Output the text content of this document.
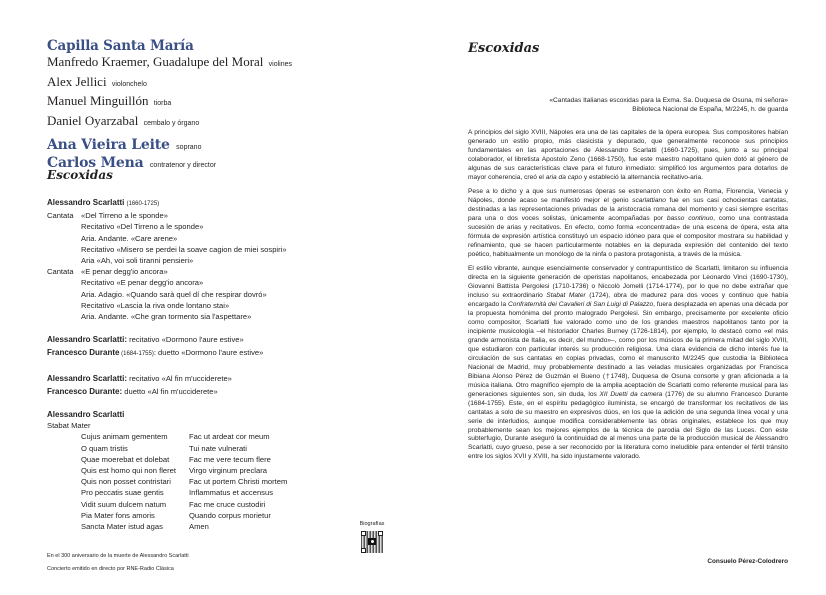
Capilla Santa María
Manfredo Kraemer, Guadalupe del Moral violines
Alex Jellici violonchelo
Manuel Minguillón tiorba
Daniel Oyarzabal cembalo y órgano
Ana Vieira Leite soprano
Carlos Mena contratenor y director
Escoxidas
Alessandro Scarlatti (1660-1725)
Cantata «Del Tirreno a le sponde»
Recitativo «Del Tirreno a le sponde»
Aria. Andante. «Care arene»
Recitativo «Misero se perdei la soave cagion de miei sospiri»
Aria «Ah, voi soli tiranni pensieri»
Cantata «E penar degg'io ancora»
Recitativo «E penar degg'io ancora»
Aria. Adagio. «Quando sarà quel dí che respirar dovró»
Recitativo «Lascia la riva onde lontano stai»
Aria. Andante. «Che gran tormento sia l'aspettare»
Alessandro Scarlatti: recitativo «Dormono l'aure estive»
Francesco Durante (1684-1755): duetto «Dormono l'aure estive»
Alessandro Scarlatti: recitativo «Al fin m'ucciderete»
Francesco Durante: duetto «Al fin m'ucciderete»
Alessandro Scarlatti
Stabat Mater
Cujus animam gementem
O quam tristis
Quae moerebat et dolebat
Quis est homo qui non fleret
Quis non posset contristari
Pro peccatis suae gentis
Vidit suum dulcem natum
Pia Mater fons amoris
Sancta Mater istud agas
Fac ut ardeat cor meum
Tui nate vulnerati
Fac me vere tecum flere
Virgo virginum preclara
Fac ut portem Christi mortem
Inflammatus et accensus
Fac me cruce custodiri
Quando corpus morietur
Amen
En el 300 aniversario de la muerte de Alessandro Scarlatti
Concierto emitido en directo por RNE-Radio Clásica
Biografías
Escoxidas
«Cantadas Italianas escoxidas para la Exma. Sa. Duquesa de Osuna, mi señora»
Biblioteca Nacional de España, M/2245, h. de guarda

A principios del siglo XVIII, Nápoles era una de las capitales de la ópera europea. Sus compositores habían generado un estilo propio, más clasicista y depurado, que generalmente reconoce sus principios fundamentales en las aportaciones de Alessandro Scarlatti (1660-1725), pues, junto a su principal colaborador, el libretista Apostolo Zeno (1668-1750), fue este maestro napolitano quien dotó al género de algunas de sus características clave para el futuro inmediato: simplificó los argumentos para dotarlos de mayor coherencia, creó el aria da capo y estableció la alternancia recitativo-aria.

Pese a lo dicho y a que sus numerosas óperas se estrenaron con éxito en Roma, Florencia, Venecia y Nápoles, donde acaso se manifestó mejor el genio scarlattiano fue en sus casi ochocientas cantatas, destinadas a las representaciones privadas de la aristocracia romana del momento y casi siempre escritas para una o dos voces solistas, únicamente acompañadas por basso continuo, como una contrastada sucesión de arias y recitativos. En efecto, como forma «concentrada» de una escena de ópera, esta alta fórmula de expresión artística constituyó un espacio idóneo para que el compositor mostrara su habilidad y refinamiento, que se hacen particularmente notables en la depurada expresión del contenido del texto poético, habitualmente un monólogo de la ninfa o pastora protagonista, a través de la música.

El estilo vibrante, aunque esencialmente conservador y contrapuntístico de Scarlatti, limitaron su influencia directa en la siguiente generación de operistas napolitanos, encabezada por Leonardo Vinci (1690-1730), Giovanni Battista Pergolesi (1710-1736) o Niccolò Jomelli (1714-1774), por lo que no debe extrañar que incluso su extraordinario Stabat Mater (1724), obra de madurez para dos voces y continuo que había encargado la Confraternità dei Cavalieri di San Luigi di Palazzo, fuera desplazada en apenas una década por la propuesta homónima del pronto malogrado Pergolesi. Sin embargo, precisamente por excelente oficio como compositor, Scarlatti fue valorado como uno de los grandes maestros napolitanos tanto por la incipiente musicología –el historiador Charles Burney (1726-1814), por ejemplo, lo destacó como «el más grande armonista de Italia, es decir, del mundo»–, como por los músicos de la primera mitad del siglo XVIII, que estudiaron con particular interés su producción religiosa. Una clara evidencia de dicho interés fue la circulación de sus cantatas en copias privadas, como el manuscrito M/2245 que custodia la Biblioteca Nacional de Madrid, muy probablemente destinado a las veladas musicales organizadas por Francisca Bibiana Alonso Pérez de Guzmán el Bueno (†1748), Duquesa de Osuna consorte y gran aficionada a la música italiana. Otro magnífico ejemplo de la amplia aceptación de Scarlatti como referente musical para las generaciones siguientes son, sin duda, los XII Duetti da camera (1776) de su alumno Francesco Durante (1684-1755). Este, en el espíritu pedagógico iluminista, se encargó de transformar los recitativos de las cantatas a solo de su maestro en expresivos dúos, en los que la adición de una segunda línea vocal y una serie de interludios, aunque modifica considerablemente las obras originales, establece los que muy probablemente sean los mejores ejemplos de la técnica de parodia del Siglo de las Luces. Con este subterfugio, Durante aseguró la continuidad de al menos una parte de la producción musical de Alessandro Scarlatti, cuyo grueso, pese a ser reconocido por la literatura como ineludible para entender el fértil tránsito entre los siglos XVII y XVIII, ha sido injustamente valorado.

Consuelo Pérez-Colodrero
